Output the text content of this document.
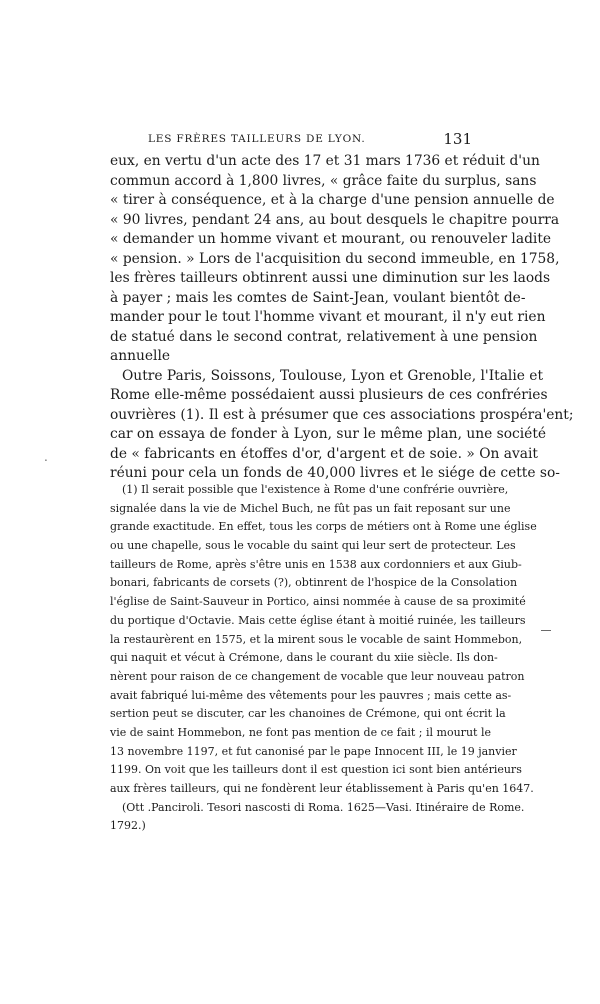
LES FRÈRES TAILLEURS DE LYON.	131
eux, en vertu d'un acte des 17 et 31 mars 1736 et réduit d'un
commun accord à 1,800 livres, « grâce faite du surplus, sans
« tirer à conséquence, et à la charge d'une pension annuelle de
« 90 livres, pendant 24 ans, au bout desquels le chapitre pourra
« demander un homme vivant et mourant, ou renouveler ladite
« pension. » Lors de l'acquisition du second immeuble, en 1758,
les frères tailleurs obtinrent aussi une diminution sur les laods
à payer ; mais les comtes de Saint-Jean, voulant bientôt de-
mander pour le tout l'homme vivant et mourant, il n'y eut rien
de statué dans le second contrat, relativement à une pension
annuelle
Outre Paris, Soissons, Toulouse, Lyon et Grenoble, l'Italie et
Rome elle-même possédaient aussi plusieurs de ces confréries
ouvrières (1). Il est à présumer que ces associations prospéra'ent;
car on essaya de fonder à Lyon, sur le même plan, une société
de « fabricants en étoffes d'or, d'argent et de soie. » On avait
réuni pour cela un fonds de 40,000 livres et le siége de cette so-
(1) Il serait possible que l'existence à Rome d'une confrérie ouvrière,
signalée dans la vie de Michel Buch, ne fût pas un fait reposant sur une
grande exactitude. En effet, tous les corps de métiers ont à Rome une église
ou une chapelle, sous le vocable du saint qui leur sert de protecteur. Les
tailleurs de Rome, après s'être unis en 1538 aux cordonniers et aux Giub-
bonari, fabricants de corsets (?), obtinrent de l'hospice de la Consolation
l'église de Saint-Sauveur in Portico, ainsi nommée à cause de sa proximité
du portique d'Octavie. Mais cette église étant à moitié ruinée, les tailleurs
la restaurèrent en 1575, et la mirent sous le vocable de saint Hommebon,
qui naquit et vécut à Crémone, dans le courant du xiie siècle. Ils don-
nèrent pour raison de ce changement de vocable que leur nouveau patron
avait fabriqué lui-même des vêtements pour les pauvres ; mais cette as-
sertion peut se discuter, car les chanoines de Crémone, qui ont écrit la
vie de saint Hommebon, ne font pas mention de ce fait ; il mourut le
13 novembre 1197, et fut canonisé par le pape Innocent III, le 19 janvier
1199. On voit que les tailleurs dont il est question ici sont bien antérieurs
aux frères tailleurs, qui ne fondèrent leur établissement à Paris qu'en 1647.
(Ott .Panciroli. Tesori nascosti di Roma. 1625—Vasi. Itinéraire de Rome.
1792.)
.
